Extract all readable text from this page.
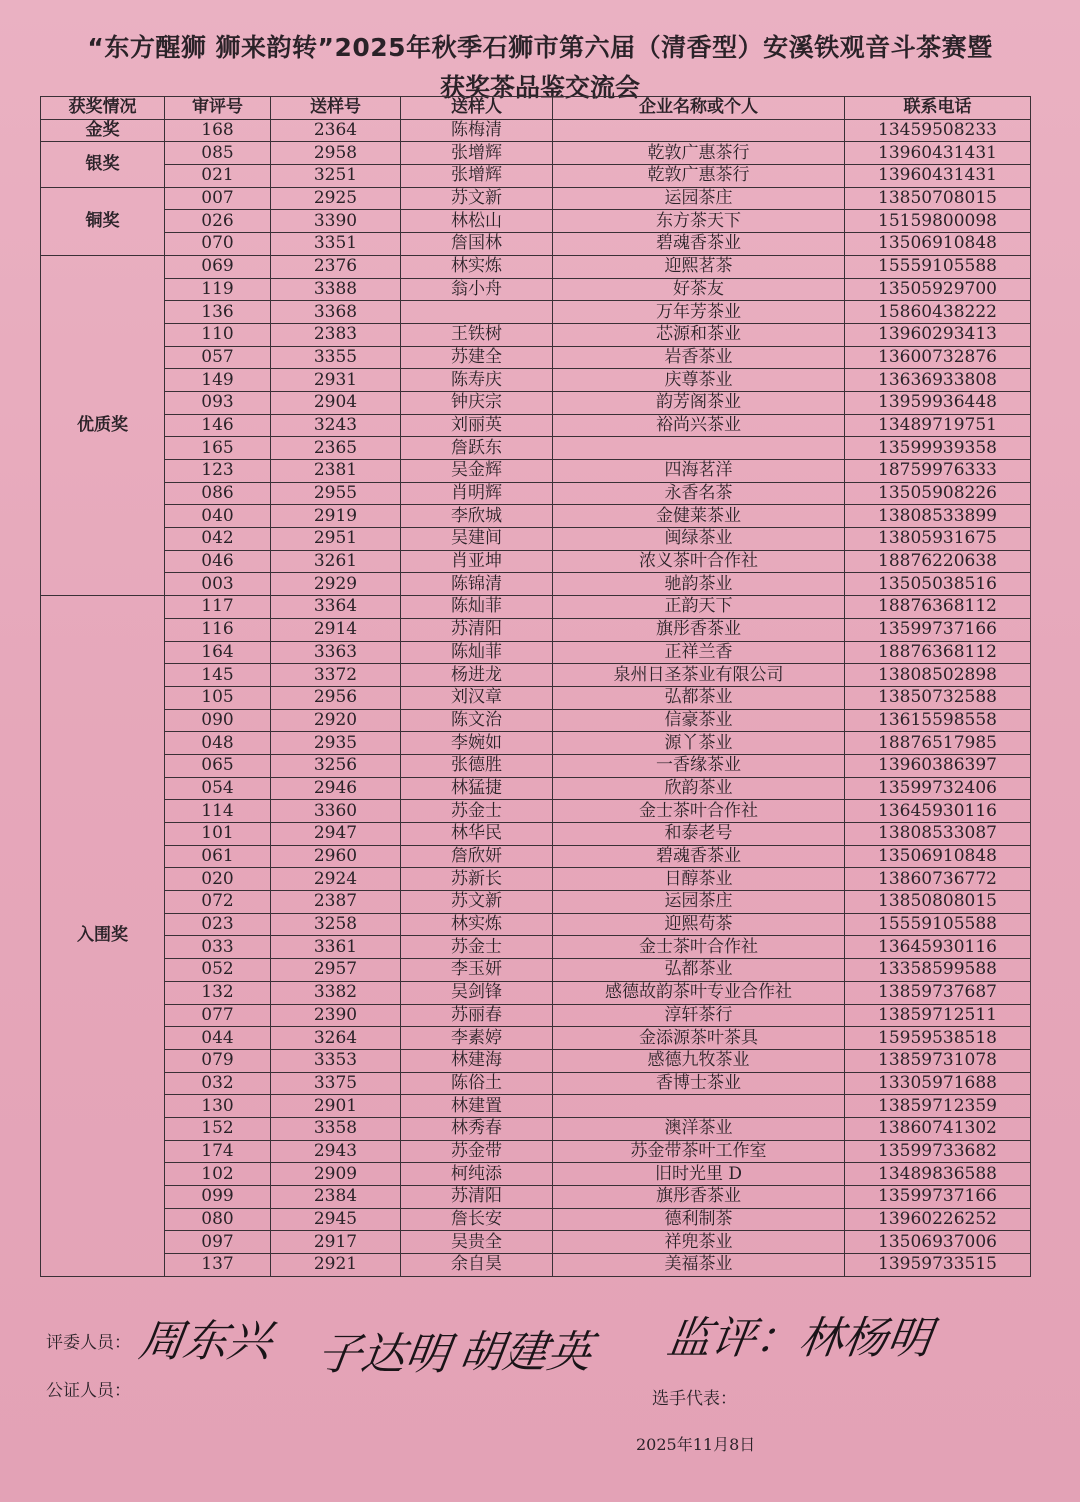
“东方醒狮 狮来韵转”2025年秋季石狮市第六届（清香型）安溪铁观音斗茶赛暨
获奖茶品鉴交流会
获奖情况	审评号	送样号	送样人	企业名称或个人	联系电话
金奖	168	2364	陈梅清		13459508233
银奖	085	2958	张增辉	乾敦广惠茶行	13960431431
	021	3251	张增辉	乾敦广惠茶行	13960431431
铜奖	007	2925	苏文新	运园茶庄	13850708015
	026	3390	林松山	东方茶天下	15159800098
	070	3351	詹国林	碧魂香茶业	13506910848
优质奖	069	2376	林实炼	迎熙茗茶	15559105588
	119	3388	翁小舟	好茶友	13505929700
	136	3368		万年芳茶业	15860438222
	110	2383	王铁树	芯源和茶业	13960293413
	057	3355	苏建全	岩香茶业	13600732876
	149	2931	陈寿庆	庆尊茶业	13636933808
	093	2904	钟庆宗	韵芳阁茶业	13959936448
	146	3243	刘丽英	裕尚兴茶业	13489719751
	165	2365	詹跃东		13599939358
	123	2381	吴金辉	四海茗洋	18759976333
	086	2955	肖明辉	永香名茶	13505908226
	040	2919	李欣城	金健莱茶业	13808533899
	042	2951	吴建间	闽绿茶业	13805931675
	046	3261	肖亚坤	浓义茶叶合作社	18876220638
	003	2929	陈锦清	驰韵茶业	13505038516
入围奖	117	3364	陈灿菲	正韵天下	18876368112
	116	2914	苏清阳	旗彤香茶业	13599737166
	164	3363	陈灿菲	正祥兰香	18876368112
	145	3372	杨进龙	泉州日圣茶业有限公司	13808502898
	105	2956	刘汉章	弘都茶业	13850732588
	090	2920	陈文治	信豪茶业	13615598558
	048	2935	李婉如	源丫茶业	18876517985
	065	3256	张德胜	一香缘茶业	13960386397
	054	2946	林猛捷	欣韵茶业	13599732406
	114	3360	苏金士	金士茶叶合作社	13645930116
	101	2947	林华民	和泰老号	13808533087
	061	2960	詹欣妍	碧魂香茶业	13506910848
	020	2924	苏新长	日醇茶业	13860736772
	072	2387	苏文新	运园茶庄	13850808015
	023	3258	林实炼	迎熙苟茶	15559105588
	033	3361	苏金士	金士茶叶合作社	13645930116
	052	2957	李玉妍	弘都茶业	13358599588
	132	3382	吴剑锋	感德故韵茶叶专业合作社	13859737687
	077	2390	苏丽春	淳轩茶行	13859712511
	044	3264	李素婷	金添源茶叶茶具	15959538518
	079	3353	林建海	感德九牧茶业	13859731078
	032	3375	陈俗土	香博士茶业	13305971688
	130	2901	林建置		13859712359
	152	3358	林秀春	澳洋茶业	13860741302
	174	2943	苏金带	苏金带茶叶工作室	13599733682
	102	2909	柯纯添	旧时光里 D	13489836588
	099	2384	苏清阳	旗彤香茶业	13599737166
	080	2945	詹长安	德利制茶	13960226252
	097	2917	吴贵全	祥兜茶业	13506937006
	137	2921	余自昊	美福茶业	13959733515
评委人员： 周东兴 子达明 胡建英 监评：林杨明
公证人员：	选手代表：
2025年11月8日
